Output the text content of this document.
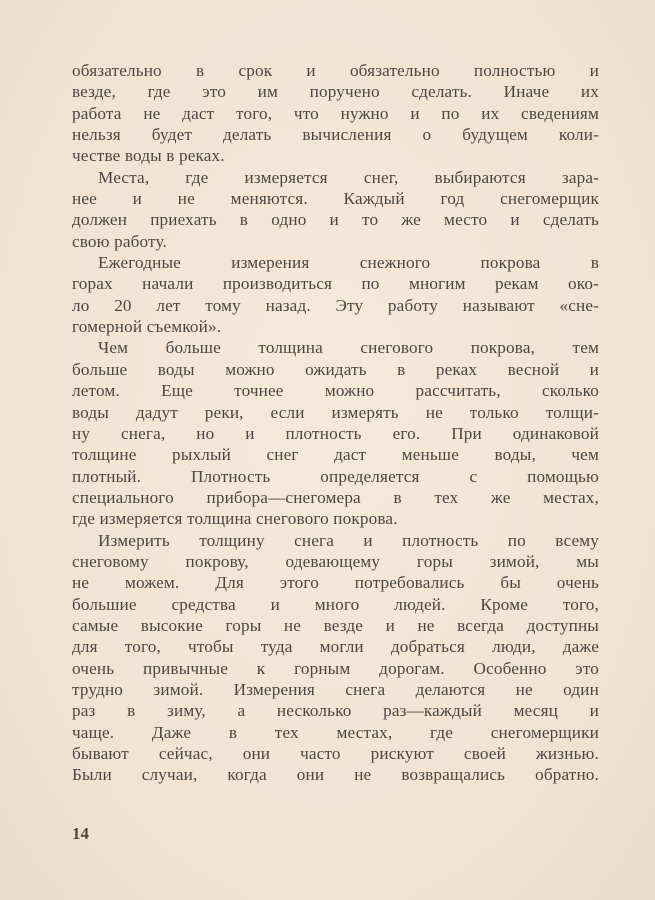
обязательно в срок и обязательно полностью и
везде, где это им поручено сделать. Иначе их
работа не даст того, что нужно и по их сведениям
нельзя будет делать вычисления о будущем коли-
честве воды в реках.
Места, где измеряется снег, выбираются зара-
нее и не меняются. Каждый год снегомерщик
должен приехать в одно и то же место и сделать
свою работу.
Ежегодные измерения снежного покрова в
горах начали производиться по многим рекам око-
ло 20 лет тому назад. Эту работу называют «сне-
гомерной съемкой».
Чем больше толщина снегового покрова, тем
больше воды можно ожидать в реках весной и
летом. Еще точнее можно рассчитать, сколько
воды дадут реки, если измерять не только толщи-
ну снега, но и плотность его. При одинаковой
толщине рыхлый снег даст меньше воды, чем
плотный. Плотность определяется с помощью
специального прибора—снегомера в тех же местах,
где измеряется толщина снегового покрова.
Измерить толщину снега и плотность по всему
снеговому покрову, одевающему горы зимой, мы
не можем. Для этого потребовались бы очень
большие средства и много людей. Кроме того,
самые высокие горы не везде и не всегда доступны
для того, чтобы туда могли добраться люди, даже
очень привычные к горным дорогам. Особенно это
трудно зимой. Измерения снега делаются не один
раз в зиму, а несколько раз—каждый месяц и
чаще. Даже в тех местах, где снегомерщики
бывают сейчас, они часто рискуют своей жизнью.
Были случаи, когда они не возвращались обратно.
14
